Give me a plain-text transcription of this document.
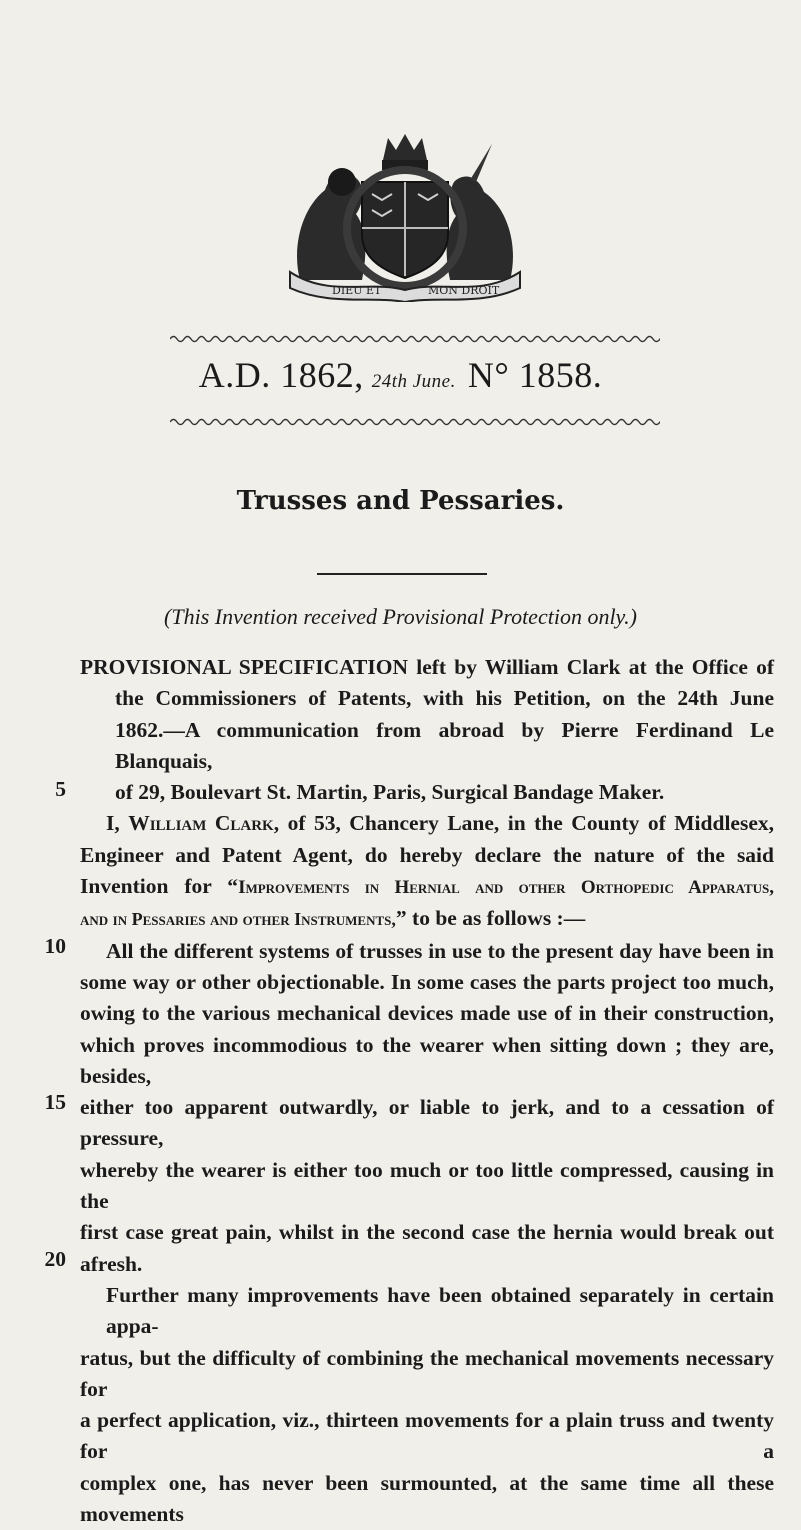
DIEU ET	MON DROIT
A.D. 1862, 24th June. N° 1858.
Trusses and Pessaries.
(This Invention received Provisional Protection only.)

PROVISIONAL SPECIFICATION left by William Clark at the Office of

the Commissioners of Patents, with his Petition, on the 24th June

1862.—A communication from abroad by Pierre Ferdinand Le Blanquais,

of 29, Boulevart St. Martin, Paris, Surgical Bandage Maker.

I, William Clark, of 53, Chancery Lane, in the County of Middlesex,

Engineer and Patent Agent, do hereby declare the nature of the said

Invention for “Improvements in Hernial and other Orthopedic Apparatus,

and in Pessaries and other Instruments,” to be as follows :—

All the different systems of trusses in use to the present day have been in

some way or other objectionable. In some cases the parts project too much,

owing to the various mechanical devices made use of in their construction,

which proves incommodious to the wearer when sitting down ; they are, besides,

either too apparent outwardly, or liable to jerk, and to a cessation of pressure,

whereby the wearer is either too much or too little compressed, causing in the

first case great pain, whilst in the second case the hernia would break out

afresh.

Further many improvements have been obtained separately in certain appa-

ratus, but the difficulty of combining the mechanical movements necessary for

a perfect application, viz., thirteen movements for a plain truss and twenty for a

complex one, has never been surmounted, at the same time all these movements

5
10
15
20
